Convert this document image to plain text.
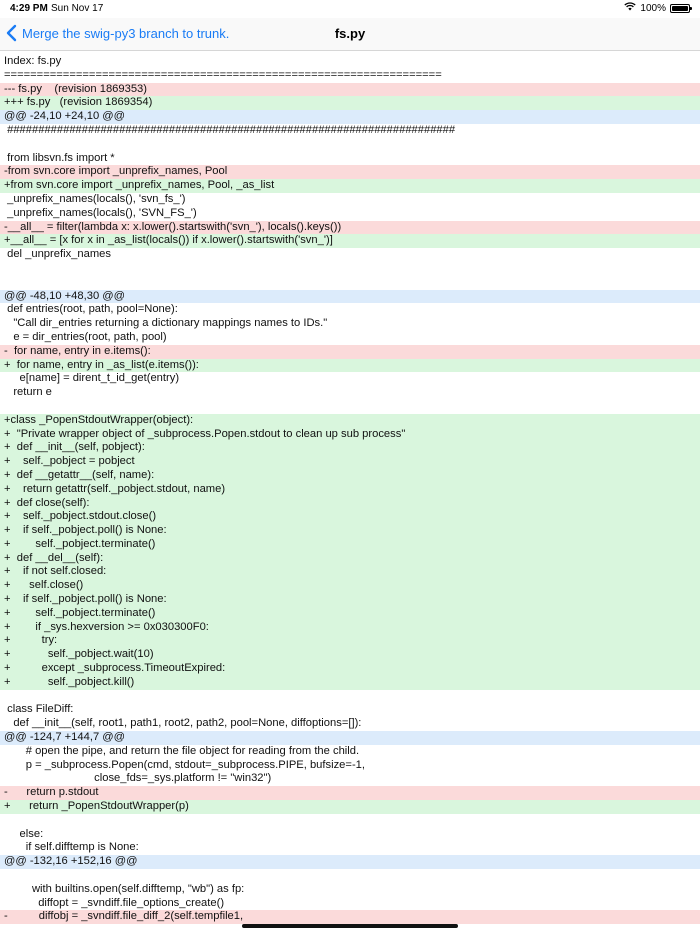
4:29 PM Sun Nov 17	100%
Merge the swig-py3 branch to trunk.	fs.py
Index: fs.py
===================================================================
--- fs.py    (revision 1869353)
+++ fs.py   (revision 1869354)
@@ -24,10 +24,10 @@
########################################################################
from libsvn.fs import *
-from svn.core import _unprefix_names, Pool
+from svn.core import _unprefix_names, Pool, _as_list
_unprefix_names(locals(), 'svn_fs_')
_unprefix_names(locals(), 'SVN_FS_')
-__all__ = filter(lambda x: x.lower().startswith('svn_'), locals().keys())
+__all__ = [x for x in _as_list(locals()) if x.lower().startswith('svn_')]
del _unprefix_names
@@ -48,10 +48,30 @@
def entries(root, path, pool=None):
"Call dir_entries returning a dictionary mappings names to IDs."
e = dir_entries(root, path, pool)
-  for name, entry in e.items():
+  for name, entry in _as_list(e.items()):
e[name] = dirent_t_id_get(entry)
return e
+class _PopenStdoutWrapper(object):
+  "Private wrapper object of _subprocess.Popen.stdout to clean up sub process"
+  def __init__(self, pobject):
+    self._pobject = pobject
+  def __getattr__(self, name):
+    return getattr(self._pobject.stdout, name)
+  def close(self):
+    self._pobject.stdout.close()
+    if self._pobject.poll() is None:
+        self._pobject.terminate()
+  def __del__(self):
+    if not self.closed:
+      self.close()
+    if self._pobject.poll() is None:
+        self._pobject.terminate()
+        if _sys.hexversion >= 0x030300F0:
+          try:
+            self._pobject.wait(10)
+          except _subprocess.TimeoutExpired:
+            self._pobject.kill()
class FileDiff:
def __init__(self, root1, path1, root2, path2, pool=None, diffoptions=[]):
@@ -124,7 +144,7 @@
# open the pipe, and return the file object for reading from the child.
p = _subprocess.Popen(cmd, stdout=_subprocess.PIPE, bufsize=-1,
close_fds=_sys.platform != "win32")
-      return p.stdout
+      return _PopenStdoutWrapper(p)
else:
if self.difftemp is None:
@@ -132,16 +152,16 @@
with builtins.open(self.difftemp, "wb") as fp:
diffopt = _svndiff.file_options_create()
-          diffobj = _svndiff.file_diff_2(self.tempfile1,
